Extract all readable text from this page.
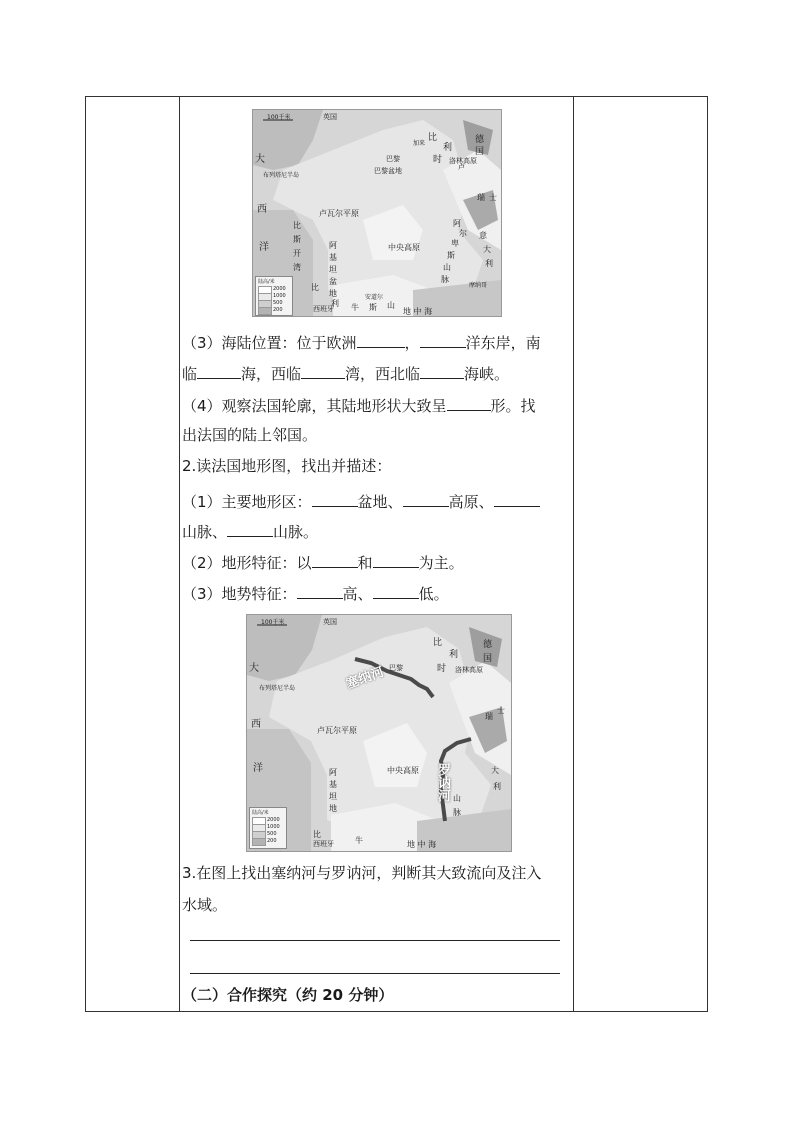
100千米	英国
比
利
时
德
国
卢
加来
巴黎
巴黎盆地
洛林高原
布列塔尼半岛
大
西
洋
比
斯
开
湾
卢瓦尔平原
中央高原
阿
基
坦
盆
地
阿
尔
卑
斯
山
脉
瑞 士
意
大
利
比
利 牛 斯 山
西班牙	地 中 海
安道尔
摩纳哥
陆高/米
2000
1000
500
200
（3）海陆位置：位于欧洲	，	洋东岸，南
临	海，西临	湾，西北临	海峡。
（4）观察法国轮廓，其陆地形状大致呈	形。找
出法国的陆上邻国。
2.读法国地形图，找出并描述：
（1）主要地形区：	盆地、	高原、
山脉、	山脉。
（2）地形特征：以	和	为主。
（3）地势特征：	高、	低。
100千米	英国
比
利
时
德
国
巴黎	洛林高原
布列塔尼半岛
大
西
洋
卢瓦尔平原
中央高原
阿
基
坦
地
瑞
士
大
利
山
脉
比
牛
西班牙	地 中 海
塞纳河
罗讷河
陆高/米
2000
1000
500
200
3.在图上找出塞纳河与罗讷河，判断其大致流向及注入
水域。
（二）合作探究（约 20 分钟）
